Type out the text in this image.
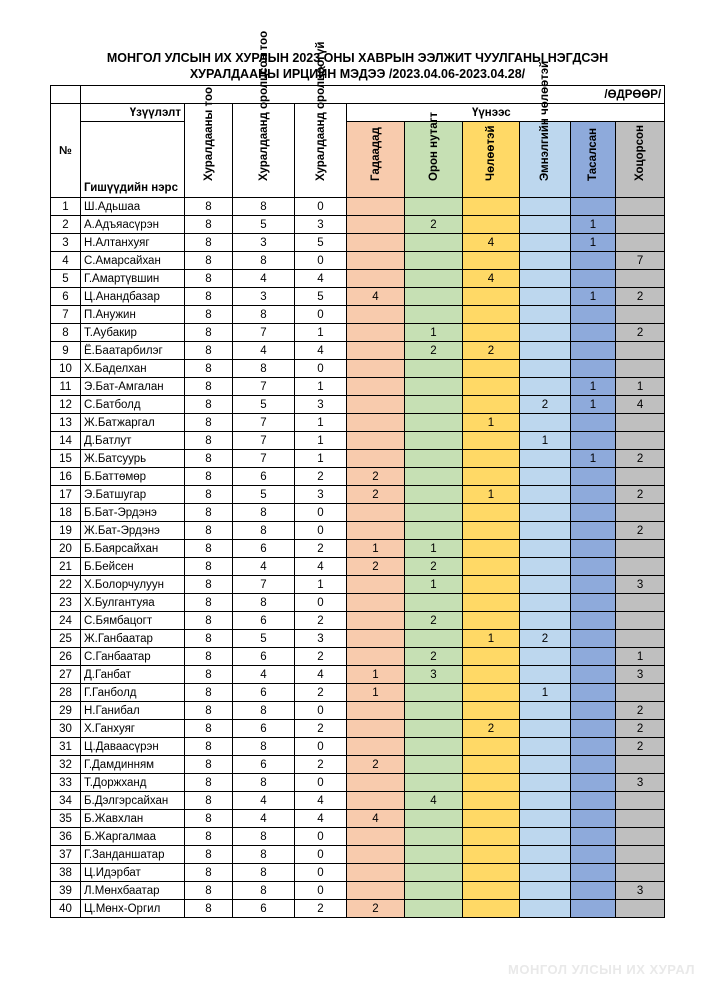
МОНГОЛ УЛСЫН ИХ ХУРЛЫН 2023 ОНЫ ХАВРЫН ЭЭЛЖИТ ЧУУЛГАНЫ НЭГДСЭН
ХУРАЛДААНЫ ИРЦИЙН МЭДЭЭ /2023.04.06-2023.04.28/
	/ӨДРӨӨР/									
№	Үзүүлэлт	Хуралдааны тоо	Хуралдаанд оролцсон тоо	Хуралдаанд оролцоогүй	Үүнээс					
	Гишүүдийн нэрс				Гадаадад	Орон нутагт	Чөлөөтэй	Эмнэлгийн чөлөөтэй	Тасалсан	Хоцорсон

1	Ш.Адьшаа	8	8	0						
2	А.Адъяасүрэн	8	5	3		2			1	
3	Н.Алтанхуяг	8	3	5			4		1	
4	С.Амарсайхан	8	8	0						7
5	Г.Амартүвшин	8	4	4			4			
6	Ц.Анандбазар	8	3	5	4				1	2
7	П.Анужин	8	8	0						
8	Т.Аубакир	8	7	1		1				2
9	Ё.Баатарбилэг	8	4	4		2	2			
10	Х.Баделхан	8	8	0						
11	Э.Бат-Амгалан	8	7	1					1	1
12	С.Батболд	8	5	3				2	1	4
13	Ж.Батжаргал	8	7	1			1			
14	Д.Батлут	8	7	1				1		
15	Ж.Батсуурь	8	7	1					1	2
16	Б.Баттөмөр	8	6	2	2					
17	Э.Батшугар	8	5	3	2		1			2
18	Б.Бат-Эрдэнэ	8	8	0						
19	Ж.Бат-Эрдэнэ	8	8	0						2
20	Б.Баярсайхан	8	6	2	1	1				
21	Б.Бейсен	8	4	4	2	2				
22	Х.Болорчулуун	8	7	1		1				3
23	Х.Булгантуяа	8	8	0						
24	С.Бямбацогт	8	6	2		2				
25	Ж.Ганбаатар	8	5	3			1	2		
26	С.Ганбаатар	8	6	2		2				1
27	Д.Ганбат	8	4	4	1	3				3
28	Г.Ганболд	8	6	2	1			1		
29	Н.Ганибал	8	8	0						2
30	Х.Ганхуяг	8	6	2			2			2
31	Ц.Даваасүрэн	8	8	0						2
32	Г.Дамдинням	8	6	2	2					
33	Т.Доржханд	8	8	0						3
34	Б.Дэлгэрсайхан	8	4	4		4				
35	Б.Жавхлан	8	4	4	4					
36	Б.Жаргалмаа	8	8	0						
37	Г.Занданшатар	8	8	0						
38	Ц.Идэрбат	8	8	0						
39	Л.Мөнхбаатар	8	8	0						3
40	Ц.Мөнх-Оргил	8	6	2	2					
МОНГОЛ УЛСЫН ИХ ХУРАЛ
